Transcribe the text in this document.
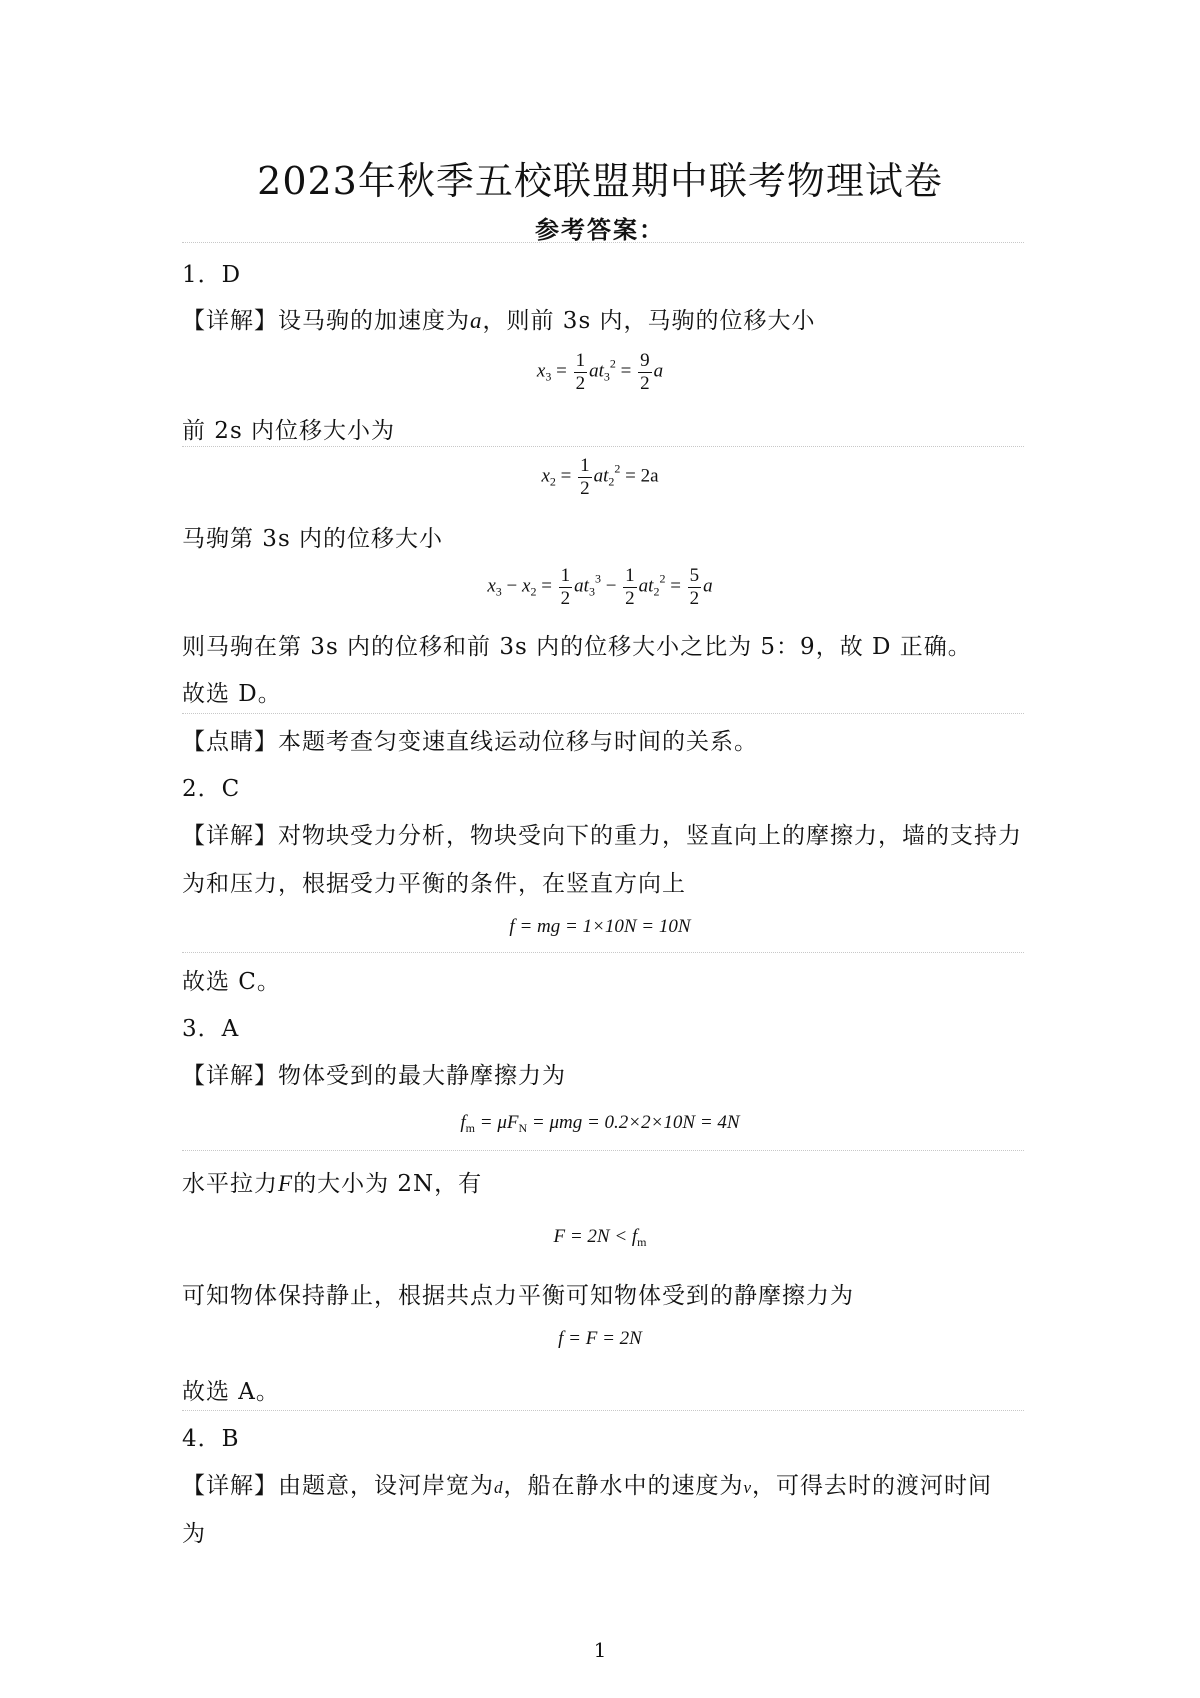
2023年秋季五校联盟期中联考物理试卷
参考答案：
1．D
【详解】设马驹的加速度为a，则前 3s 内，马驹的位移大小
$x_3 = \frac{1}{2} at_3^2 = \frac{9}{2}$ a
前 2s 内位移大小为
$x_2 = \frac{1}{2} at_2^2 = 2a$
马驹第 3s 内的位移大小
$x_3 - x_2 = \frac{1}{2} at_3^3 - \frac{1}{2} at_2^2 = \frac{5}{2}$ a
则马驹在第 3s 内的位移和前 3s 内的位移大小之比为 5：9，故 D 正确。
故选 D。
【点睛】本题考查匀变速直线运动位移与时间的关系。
2．C
【详解】对物块受力分析，物块受向下的重力，竖直向上的摩擦力，墙的支持力
为和压力，根据受力平衡的条件，在竖直方向上
f = mg = 1×10N = 10N
故选 C。
3．A
【详解】物体受到的最大静摩擦力为
$f_m = \mu F_N = \mu mg = 0.2\times 2\times 10N = 4N$
水平拉力F的大小为 2N，有
$F = 2N < f_m$
可知物体保持静止，根据共点力平衡可知物体受到的静摩擦力为
f = F = 2N
故选 A。
4．B
【详解】由题意，设河岸宽为d，船在静水中的速度为v，可得去时的渡河时间
为
1
